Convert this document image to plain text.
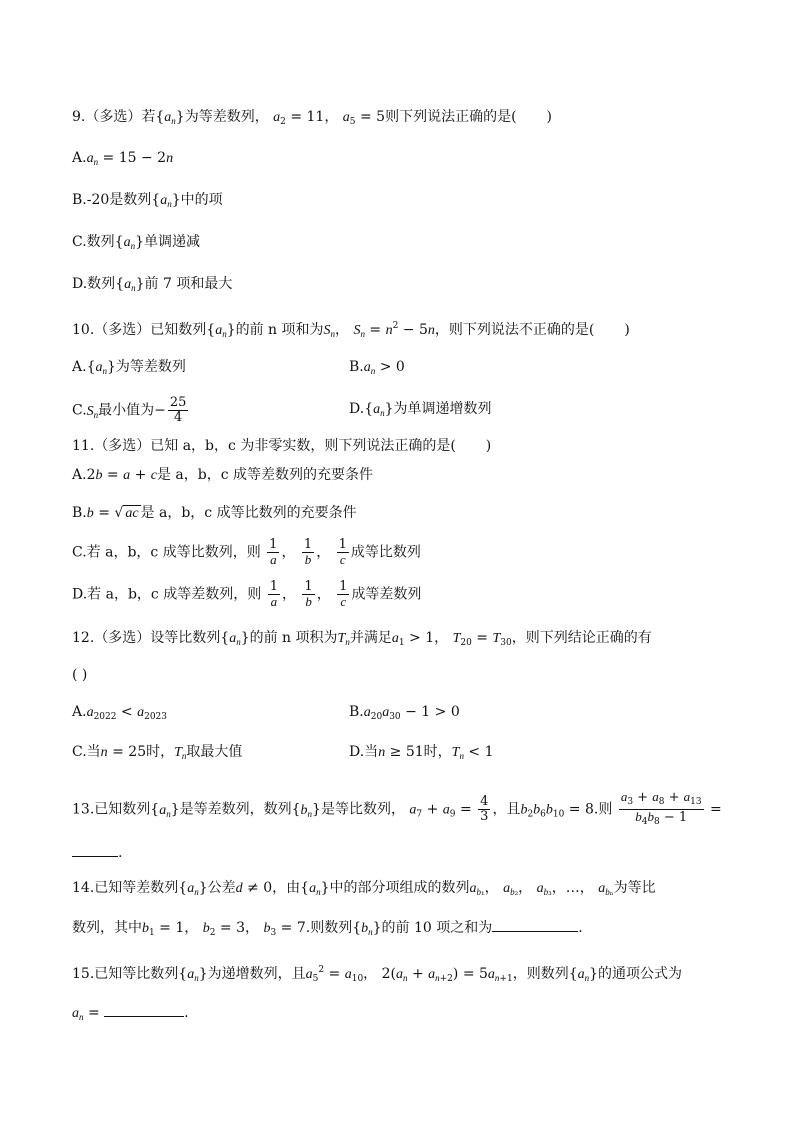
9.（多选）若$\{a_n\}$为等差数列， $a_2 = 11$， $a_5 = 5$则下列说法正确的是( )
$A.a_n = 15 - 2n$
B.-20是数列$\{a_n\}$中的项
C.数列$\{a_n\}$单调递减
D.数列$\{a_n\}$前 7 项和最大
10.（多选）已知数列$\{a_n\}$的前 n 项和为$S_n$， $S_n = n^2 - 5n$，则下列说法不正确的是( )
$A.\{a_n\}$为等差数列	$B.a_n > 0$
$C.S_n$最小值为− $\frac{25}{4}$	$D.\{a_n\}$为单调递增数列
11.（多选）已知 a，b，c 为非零实数，则下列说法正确的是( )
A.2b = a + c是 a，b，c 成等差数列的充要条件
B.b = √ ac 是 a，b，c 成等比数列的充要条件
C.若 a，b，c 成等比数列，则 $\frac{1}{a}$ ， $\frac{1}{b}$ ， $\frac{1}{c}$ 成等比数列
D.若 a，b，c 成等差数列，则 $\frac{1}{a}$ ， $\frac{1}{b}$ ， $\frac{1}{c}$ 成等差数列
12.（多选）设等比数列$\{a_n\}$的前 n 项积为$T_n$并满足$a_1 > 1$， $T_{20} = T_{30}$，则下列结论正确的有
( )
$A.a_{2022} < a_{2023}$	$B.a_{20}a_{30} - 1 > 0$
C.当n = 25时，$T_n$取最大值	D.当n ≥ 51时，$T_n < 1$
13.已知数列$\{a_n\}$是等差数列，数列$\{b_n\}$是等比数列， $a_7 + a_9 = \frac{4}{3}$ ，且$b_2b_6b_{10} = 8$.则 $\frac{a_3 + a_8 + a_{13}}{b_4b_8 - 1}$ =
.
14.已知等差数列$\{a_n\}$公差d ≠ 0，由$\{a_n\}$中的部分项组成的数列$a_{b_1}$， $a_{b_2}$， $a_{b_3}$，…， $a_{b_n}$为等比
数列，其中$b_1 = 1$， $b_2 = 3$， $b_3 = 7$.则数列$\{b_n\}$的前 10 项之和为	.
15.已知等比数列$\{a_n\}$为递增数列，且$a_5^2 = a_{10}$， $2(a_n + a_{n+2}) = 5a_{n+1}$，则数列$\{a_n\}$的通项公式为
$a_n$ =	.
